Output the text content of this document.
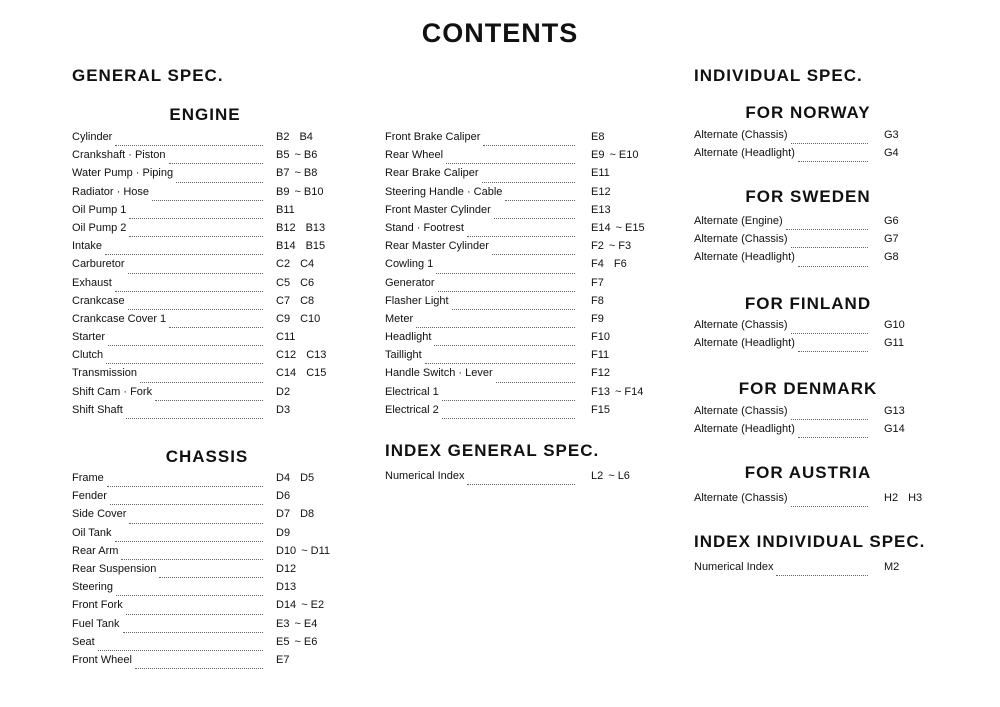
CONTENTS
GENERAL SPEC.
ENGINE
Cylinder	B2 B4
Crankshaft · Piston	B5 ~ B6
Water Pump · Piping	B7 ~ B8
Radiator · Hose	B9 ~ B10
Oil Pump 1	B11
Oil Pump 2	B12 B13
Intake	B14 B15
Carburetor	C2 C4
Exhaust	C5 C6
Crankcase	C7 C8
Crankcase Cover 1	C9 C10
Starter	C11
Clutch	C12 C13
Transmission	C14 C15
Shift Cam · Fork	D2
Shift Shaft	D3
CHASSIS
Frame	D4 D5
Fender	D6
Side Cover	D7 D8
Oil Tank	D9
Rear Arm	D10 ~ D11
Rear Suspension	D12
Steering	D13
Front Fork	D14 ~ E2
Fuel Tank	E3 ~ E4
Seat	E5 ~ E6
Front Wheel	E7
Front Brake Caliper	E8
Rear Wheel	E9 ~ E10
Rear Brake Caliper	E11
Steering Handle · Cable	E12
Front Master Cylinder	E13
Stand · Footrest	E14 ~ E15
Rear Master Cylinder	F2 ~ F3
Cowling 1	F4 F6
Generator	F7
Flasher Light	F8
Meter	F9
Headlight	F10
Taillight	F11
Handle Switch · Lever	F12
Electrical 1	F13 ~ F14
Electrical 2	F15
INDEX GENERAL SPEC.
Numerical Index	L2 ~ L6
INDIVIDUAL SPEC.
FOR NORWAY
Alternate (Chassis)	G3
Alternate (Headlight)	G4
FOR SWEDEN
Alternate (Engine)	G6
Alternate (Chassis)	G7
Alternate (Headlight)	G8
FOR FINLAND
Alternate (Chassis)	G10
Alternate (Headlight)	G11
FOR DENMARK
Alternate (Chassis)	G13
Alternate (Headlight)	G14
FOR AUSTRIA
Alternate (Chassis)	H2 H3
INDEX INDIVIDUAL SPEC.
Numerical Index	M2
